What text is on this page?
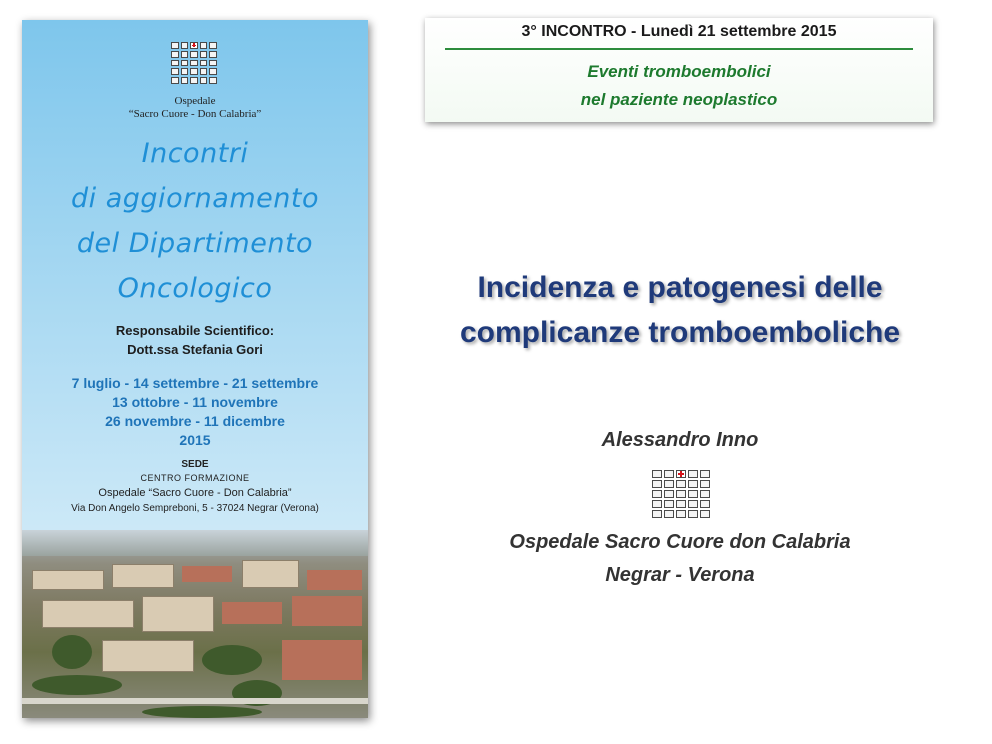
Ospedale
“Sacro Cuore - Don Calabria”
Incontri
di aggiornamento
del Dipartimento
Oncologico
Responsabile Scientifico:
Dott.ssa Stefania Gori
7 luglio - 14 settembre - 21 settembre
13 ottobre - 11 novembre
26 novembre - 11 dicembre
2015
SEDE
CENTRO FORMAZIONE
Ospedale “Sacro Cuore - Don Calabria”
Via Don Angelo Sempreboni, 5 - 37024 Negrar (Verona)
3° INCONTRO - Lunedì 21 settembre 2015
Eventi tromboembolici
nel paziente neoplastico
Incidenza e patogenesi delle
complicanze tromboemboliche
Alessandro Inno
Ospedale Sacro Cuore don Calabria
Negrar - Verona
